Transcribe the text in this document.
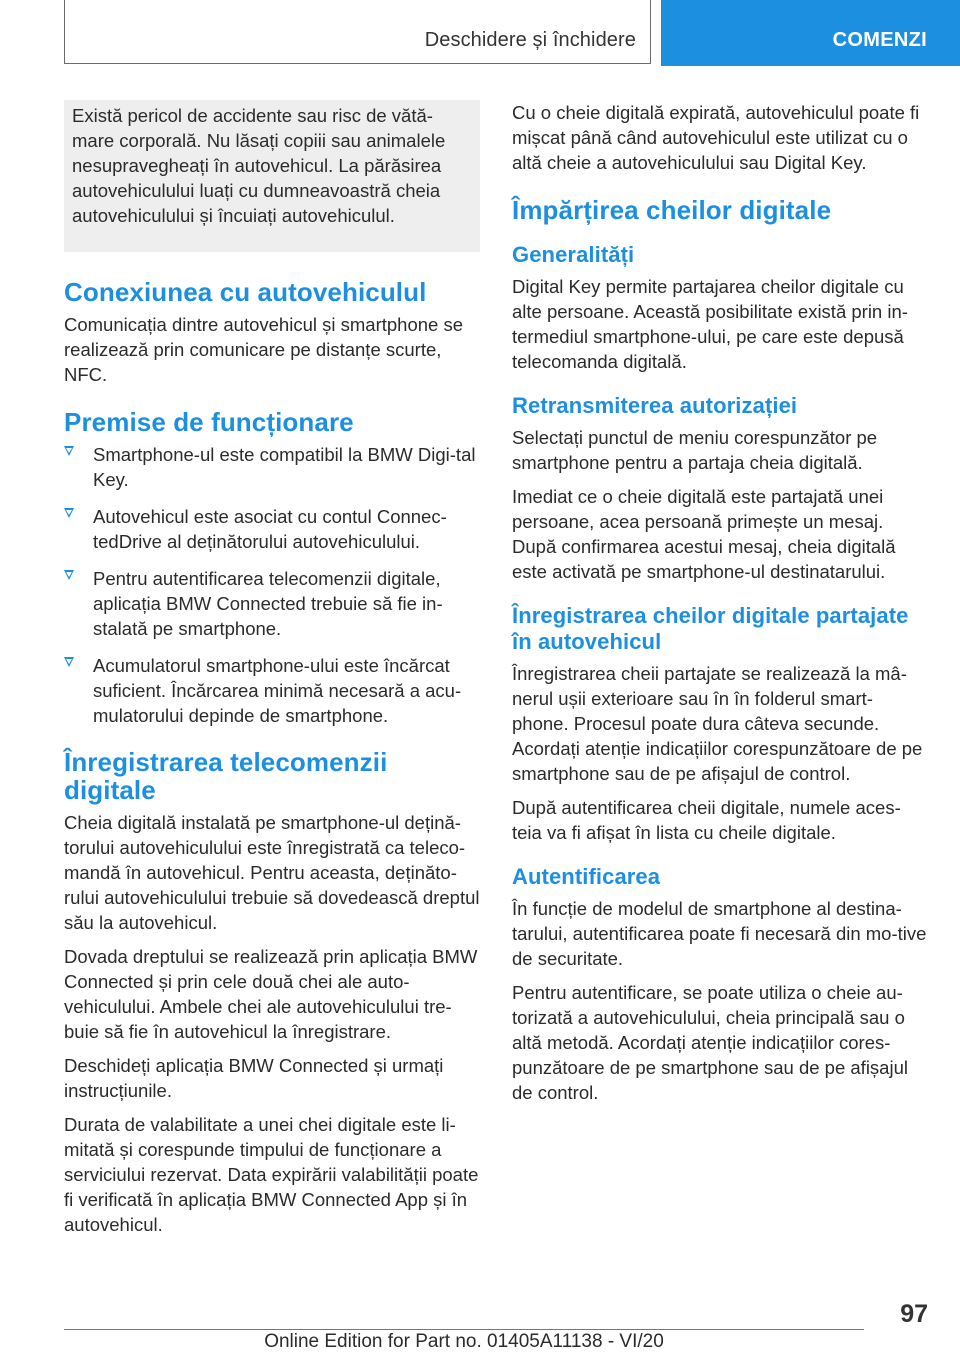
Deschidere și închidere	COMENZI

Există pericol de accidente sau risc de vătă-mare corporală. Nu lăsați copiii sau animalele nesupravegheați în autovehicul. La părăsirea autovehiculului luați cu dumneavoastră cheia autovehiculului și încuiați autovehiculul.

Conexiunea cu autovehiculul

Comunicația dintre autovehicul și smartphone se realizează prin comunicare pe distanțe scurte, NFC.

Premise de funcționare
Smartphone-ul este compatibil la BMW Digi-tal Key.
Autovehicul este asociat cu contul Connec-tedDrive al deținătorului autovehiculului.
Pentru autentificarea telecomenzii digitale, aplicația BMW Connected trebuie să fie in-stalată pe smartphone.
Acumulatorul smartphone-ului este încărcat suficient. Încărcarea minimă necesară a acu-mulatorului depinde de smartphone.
Înregistrarea telecomenzii digitale

Cheia digitală instalată pe smartphone-ul dețină-torului autovehiculului este înregistrată ca teleco-mandă în autovehicul. Pentru aceasta, deținăto-rului autovehiculului trebuie să dovedească dreptul său la autovehicul.

Dovada dreptului se realizează prin aplicația BMW Connected și prin cele două chei ale auto-vehiculului. Ambele chei ale autovehiculului tre-buie să fie în autovehicul la înregistrare.

Deschideți aplicația BMW Connected și urmați instrucțiunile.

Durata de valabilitate a unei chei digitale este li-mitată și corespunde timpului de funcționare a serviciului rezervat. Data expirării valabilității poate fi verificată în aplicația BMW Connected App și în autovehicul.

Cu o cheie digitală expirată, autovehiculul poate fi mișcat până când autovehiculul este utilizat cu o altă cheie a autovehiculului sau Digital Key.

Împărțirea cheilor digitale
Generalități

Digital Key permite partajarea cheilor digitale cu alte persoane. Această posibilitate există prin in-termediul smartphone-ului, pe care este depusă telecomanda digitală.

Retransmiterea autorizației

Selectați punctul de meniu corespunzător pe smartphone pentru a partaja cheia digitală.

Imediat ce o cheie digitală este partajată unei persoane, acea persoană primește un mesaj. După confirmarea acestui mesaj, cheia digitală este activată pe smartphone-ul destinatarului.

Înregistrarea cheilor digitale partajate în autovehicul

Înregistrarea cheii partajate se realizează la mâ-nerul ușii exterioare sau în în folderul smart-phone. Procesul poate dura câteva secunde. Acordați atenție indicațiilor corespunzătoare de pe smartphone sau de pe afișajul de control.

După autentificarea cheii digitale, numele aces-teia va fi afișat în lista cu cheile digitale.

Autentificarea

În funcție de modelul de smartphone al destina-tarului, autentificarea poate fi necesară din mo-tive de securitate.

Pentru autentificare, se poate utiliza o cheie au-torizată a autovehiculului, cheia principală sau o altă metodă. Acordați atenție indicațiilor cores-punzătoare de pe smartphone sau de pe afișajul de control.

97
Online Edition for Part no. 01405A11138 - VI/20
